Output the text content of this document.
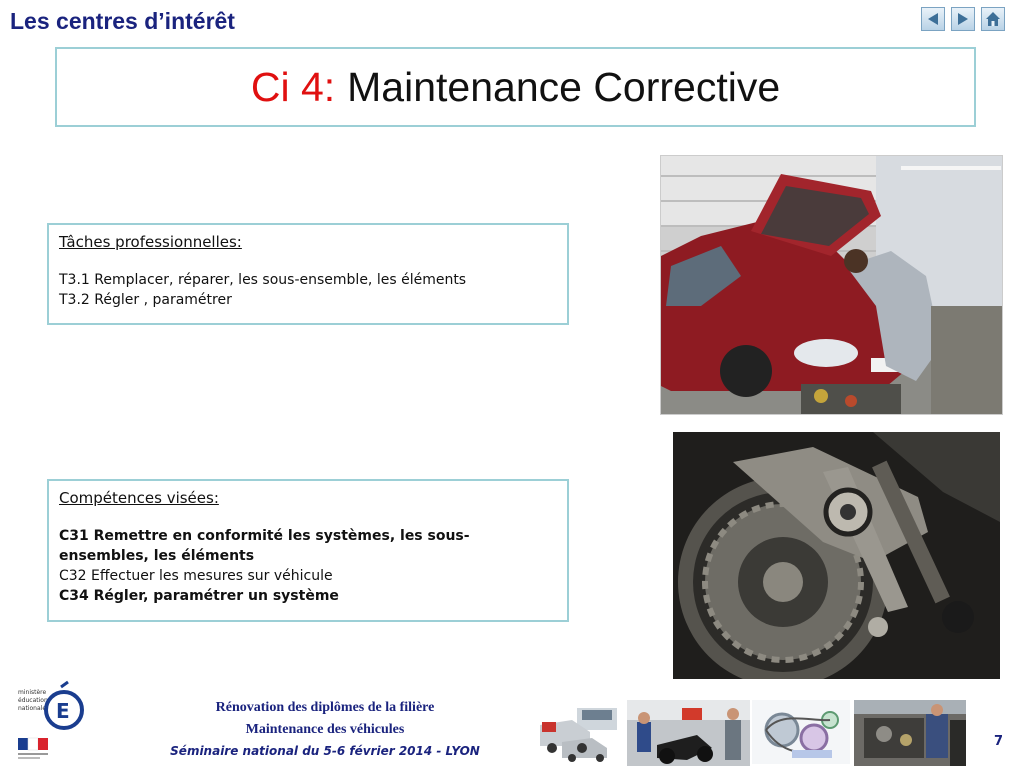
Les centres d’intérêt
Ci 4: Maintenance Corrective
Tâches professionnelles:
T3.1 Remplacer, réparer, les sous-ensemble, les éléments
T3.2 Régler , paramétrer
Compétences visées:
C31 Remettre en conformité les systèmes, les sous-ensembles, les éléments
C32 Effectuer les mesures sur véhicule
C34 Régler, paramétrer un système
ministère
éducation
nationale E	Rénovation des diplômes de la filière
Maintenance des véhicules
Séminaire national du 5-6 février 2014 - LYON
7
